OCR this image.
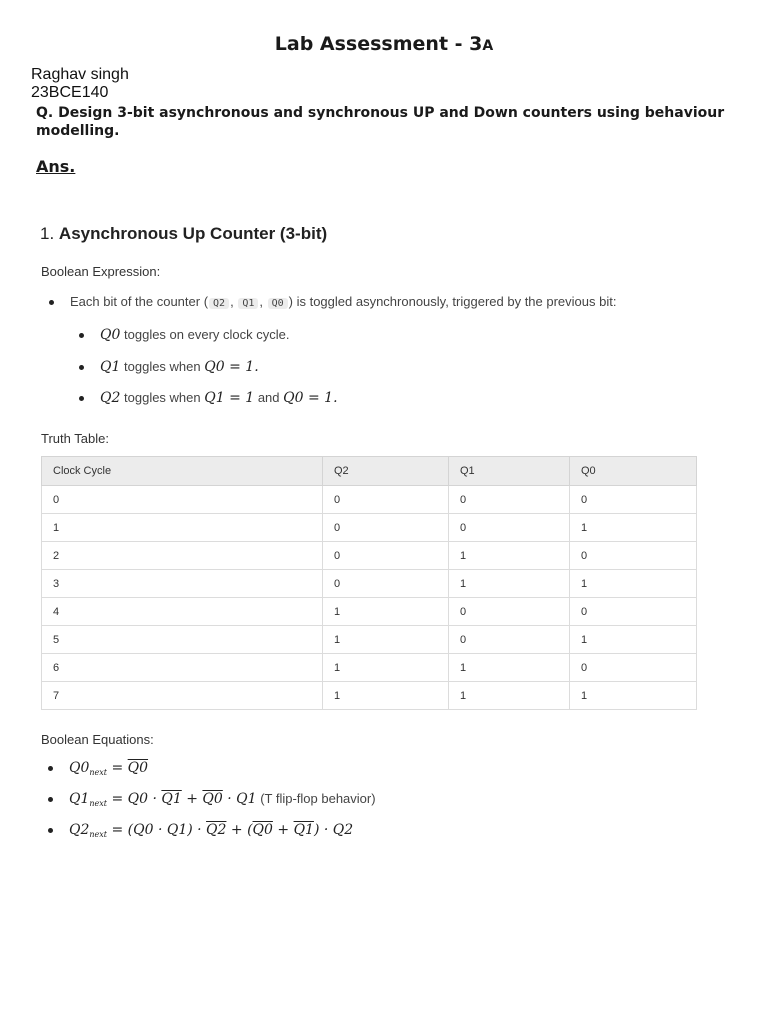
Lab Assessment - 3A
Raghav singh
23BCE140
Q. Design 3-bit asynchronous and synchronous UP and Down counters using behaviour modelling.
Ans.
1. Asynchronous Up Counter (3-bit)
Boolean Expression:
Each bit of the counter ( Q2 , Q1 , Q0 ) is toggled asynchronously, triggered by the previous bit:
Q0 toggles on every clock cycle.
Q1 toggles when Q0 = 1.
Q2 toggles when Q1 = 1 and Q0 = 1.
Truth Table:
Clock Cycle	Q2	Q1	Q0
0	0	0	0
1	0	0	1
2	0	1	0
3	0	1	1
4	1	0	0
5	1	0	1
6	1	1	0
7	1	1	1
Boolean Equations:
$Q0_{next} = Q0$
$Q1_{next} = Q0 \cdot Q1 + Q0 \cdot Q1$ (T flip-flop behavior)
$Q2_{next} = (Q0 \cdot Q1) \cdot Q2 + (Q0 + Q1) \cdot Q2$
